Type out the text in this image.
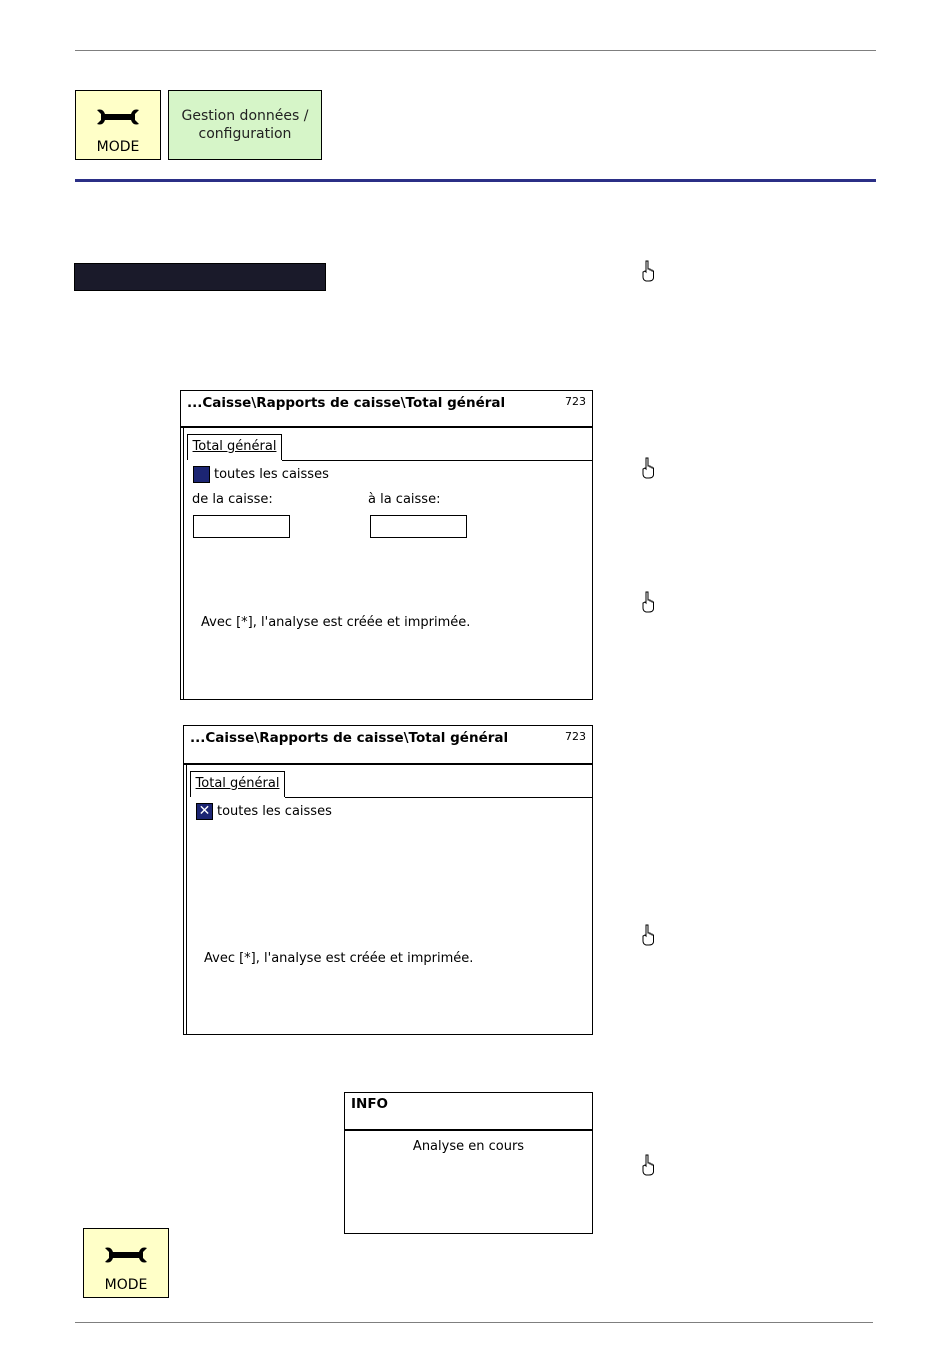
MODE
Gestion données /
configuration
...Caisse\Rapports de caisse\Total général	723
Total général
toutes les caisses
de la caisse:	à la caisse:
Avec [*], l'analyse est créée et imprimée.
...Caisse\Rapports de caisse\Total général	723
Total général
✕ toutes les caisses
Avec [*], l'analyse est créée et imprimée.
INFO
Analyse en cours
MODE
